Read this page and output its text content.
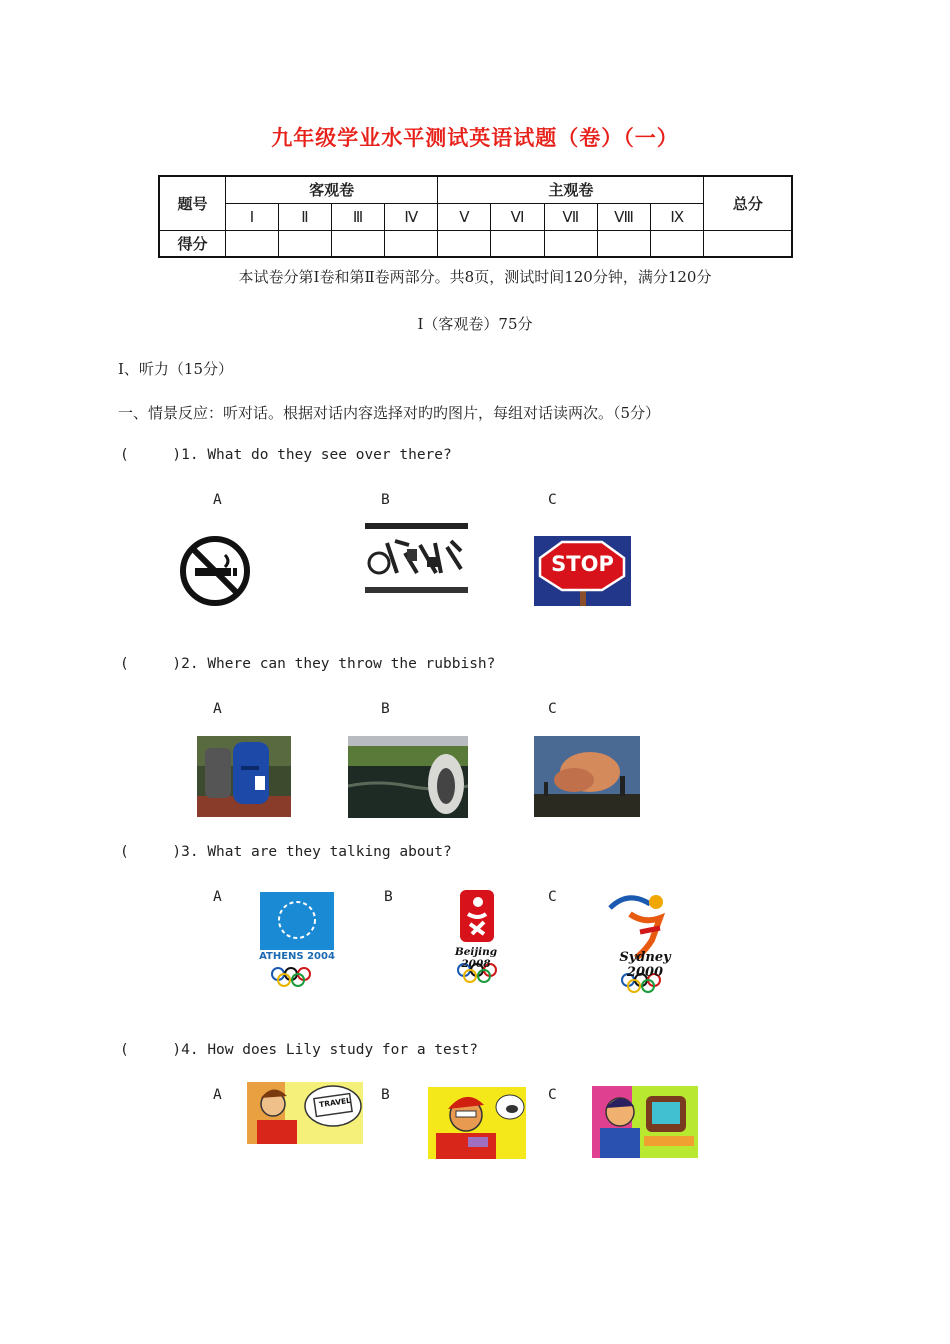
九年级学业水平测试英语试题（卷）（一）
题号	客观卷				主观卷					总分
	Ⅰ	Ⅱ	Ⅲ	Ⅳ	Ⅴ	Ⅵ	Ⅶ	Ⅷ	Ⅸ	
得分										
本试卷分第Ⅰ卷和第Ⅱ卷两部分。共8页，测试时间120分钟，满分120分
Ⅰ（客观卷）75分
Ⅰ、听力（15分）
一、情景反应：听对话。根据对话内容选择对旳旳图片，每组对话读两次。（5分）
(     )1. What do they see over there?
A	B	C
STOP
(     )2. Where can they throw the rubbish?
A	B	C
(     )3. What are they talking about?
A	B	C
ATHENS 2004	Beijing 2008	Sydney 2000
(     )4. How does Lily study for a test?
A	B	C
TRAVEL
